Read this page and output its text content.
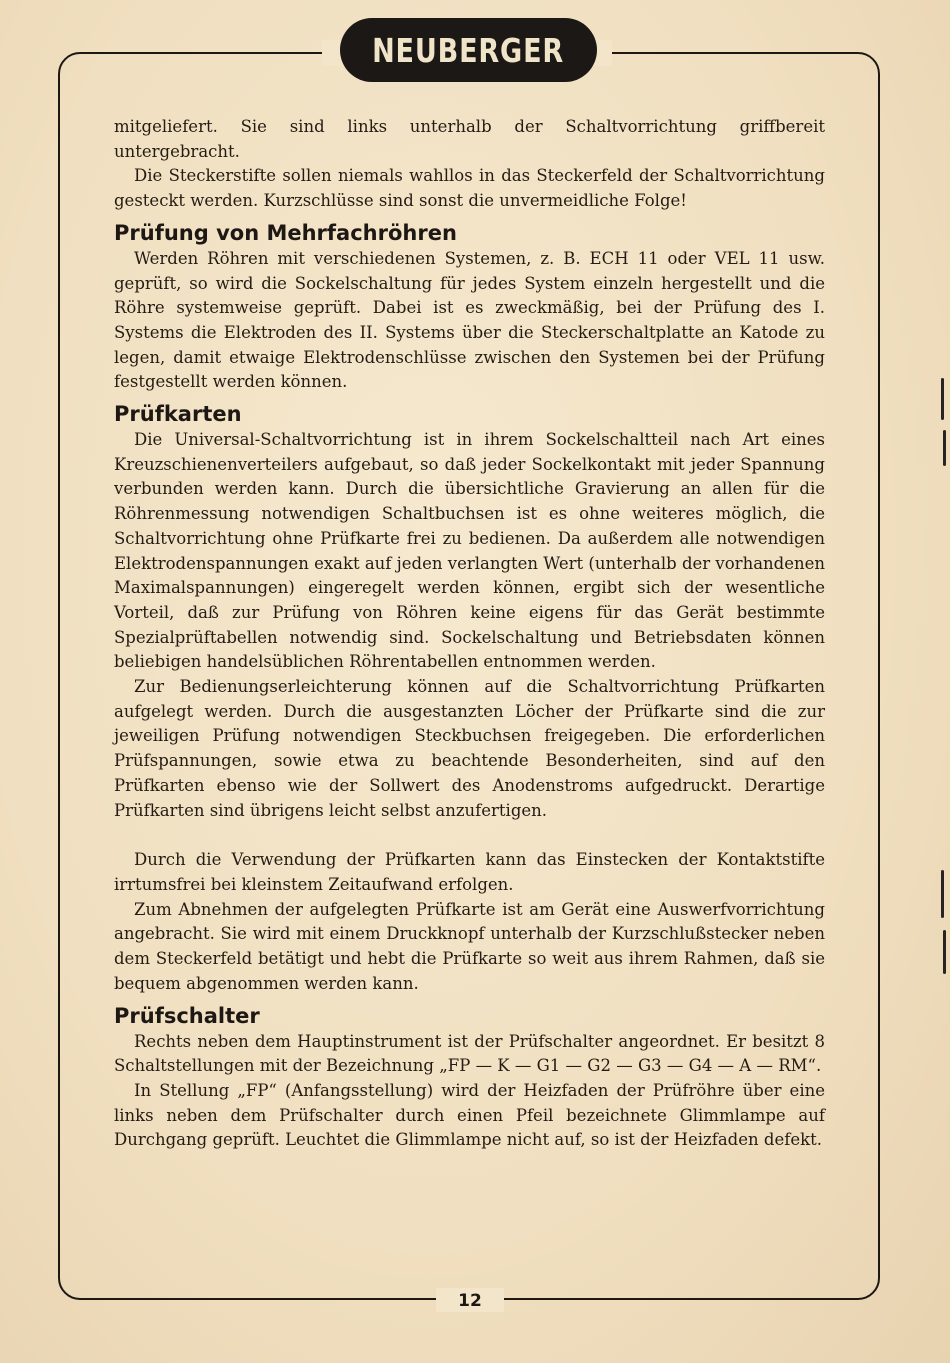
NEUBERGER

mitgeliefert. Sie sind links unterhalb der Schaltvorrichtung griffbereit untergebracht.

Die Steckerstifte sollen niemals wahllos in das Steckerfeld der Schaltvorrichtung gesteckt werden. Kurzschlüsse sind sonst die unvermeidliche Folge!

Prüfung von Mehrfachröhren

Werden Röhren mit verschiedenen Systemen, z. B. ECH 11 oder VEL 11 usw. geprüft, so wird die Sockelschaltung für jedes System einzeln hergestellt und die Röhre systemweise geprüft. Dabei ist es zweckmäßig, bei der Prüfung des I. Systems die Elektroden des II. Systems über die Steckerschaltplatte an Katode zu legen, damit etwaige Elektrodenschlüsse zwischen den Systemen bei der Prüfung festgestellt werden können.

Prüfkarten

Die Universal-Schaltvorrichtung ist in ihrem Sockelschaltteil nach Art eines Kreuzschienenverteilers aufgebaut, so daß jeder Sockelkontakt mit jeder Spannung verbunden werden kann. Durch die übersichtliche Gravierung an allen für die Röhrenmessung notwendigen Schaltbuchsen ist es ohne weiteres möglich, die Schaltvorrichtung ohne Prüfkarte frei zu bedienen. Da außerdem alle notwendigen Elektrodenspannungen exakt auf jeden verlangten Wert (unterhalb der vorhandenen Maximalspannungen) eingeregelt werden können, ergibt sich der wesentliche Vorteil, daß zur Prüfung von Röhren keine eigens für das Gerät bestimmte Spezialprüftabellen notwendig sind. Sockelschaltung und Betriebsdaten können beliebigen handelsüblichen Röhrentabellen entnommen werden.

Zur Bedienungserleichterung können auf die Schaltvorrichtung Prüfkarten aufgelegt werden. Durch die ausgestanzten Löcher der Prüfkarte sind die zur jeweiligen Prüfung notwendigen Steckbuchsen freigegeben. Die erforderlichen Prüfspannungen, sowie etwa zu beachtende Besonderheiten, sind auf den Prüfkarten ebenso wie der Sollwert des Anodenstroms aufgedruckt. Derartige Prüfkarten sind übrigens leicht selbst anzufertigen.

Durch die Verwendung der Prüfkarten kann das Einstecken der Kontaktstifte irrtumsfrei bei kleinstem Zeitaufwand erfolgen.

Zum Abnehmen der aufgelegten Prüfkarte ist am Gerät eine Auswerfvorrichtung angebracht. Sie wird mit einem Druckknopf unterhalb der Kurzschlußstecker neben dem Steckerfeld betätigt und hebt die Prüfkarte so weit aus ihrem Rahmen, daß sie bequem abgenommen werden kann.

Prüfschalter

Rechts neben dem Hauptinstrument ist der Prüfschalter angeordnet. Er besitzt 8 Schaltstellungen mit der Bezeichnung „FP — K — G1 — G2 — G3 — G4 — A — RM“.

In Stellung „FP“ (Anfangsstellung) wird der Heizfaden der Prüfröhre über eine links neben dem Prüfschalter durch einen Pfeil bezeichnete Glimmlampe auf Durchgang geprüft. Leuchtet die Glimmlampe nicht auf, so ist der Heizfaden defekt.

12
